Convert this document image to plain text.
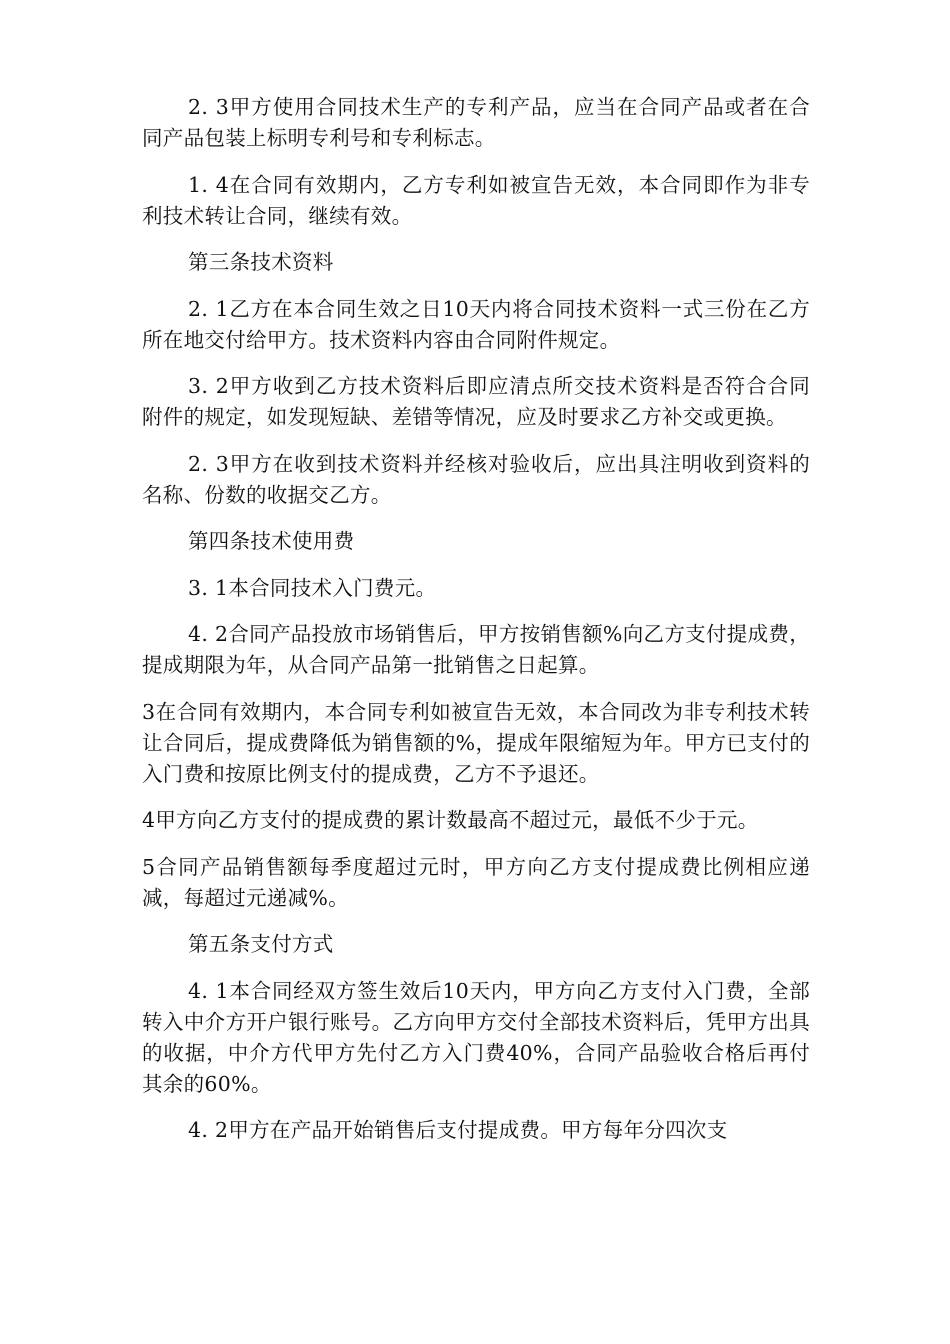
2. 3甲方使用合同技术生产的专利产品，应当在合同产品或者在合同产品包装上标明专利号和专利标志。

1. 4在合同有效期内，乙方专利如被宣告无效，本合同即作为非专利技术转让合同，继续有效。

第三条技术资料

2. 1乙方在本合同生效之日10天内将合同技术资料一式三份在乙方所在地交付给甲方。技术资料内容由合同附件规定。

3. 2甲方收到乙方技术资料后即应清点所交技术资料是否符合合同附件的规定，如发现短缺、差错等情况，应及时要求乙方补交或更换。

2. 3甲方在收到技术资料并经核对验收后，应出具注明收到资料的名称、份数的收据交乙方。

第四条技术使用费

3. 1本合同技术入门费元。

4. 2合同产品投放市场销售后，甲方按销售额%向乙方支付提成费，提成期限为年，从合同产品第一批销售之日起算。

3在合同有效期内，本合同专利如被宣告无效，本合同改为非专利技术转让合同后，提成费降低为销售额的%，提成年限缩短为年。甲方已支付的入门费和按原比例支付的提成费，乙方不予退还。

4甲方向乙方支付的提成费的累计数最高不超过元，最低不少于元。

5合同产品销售额每季度超过元时，甲方向乙方支付提成费比例相应递减，每超过元递减%。

第五条支付方式

4. 1本合同经双方签生效后10天内，甲方向乙方支付入门费，全部转入中介方开户银行账号。乙方向甲方交付全部技术资料后，凭甲方出具的收据，中介方代甲方先付乙方入门费40%，合同产品验收合格后再付其余的60%。

4. 2甲方在产品开始销售后支付提成费。甲方每年分四次支
